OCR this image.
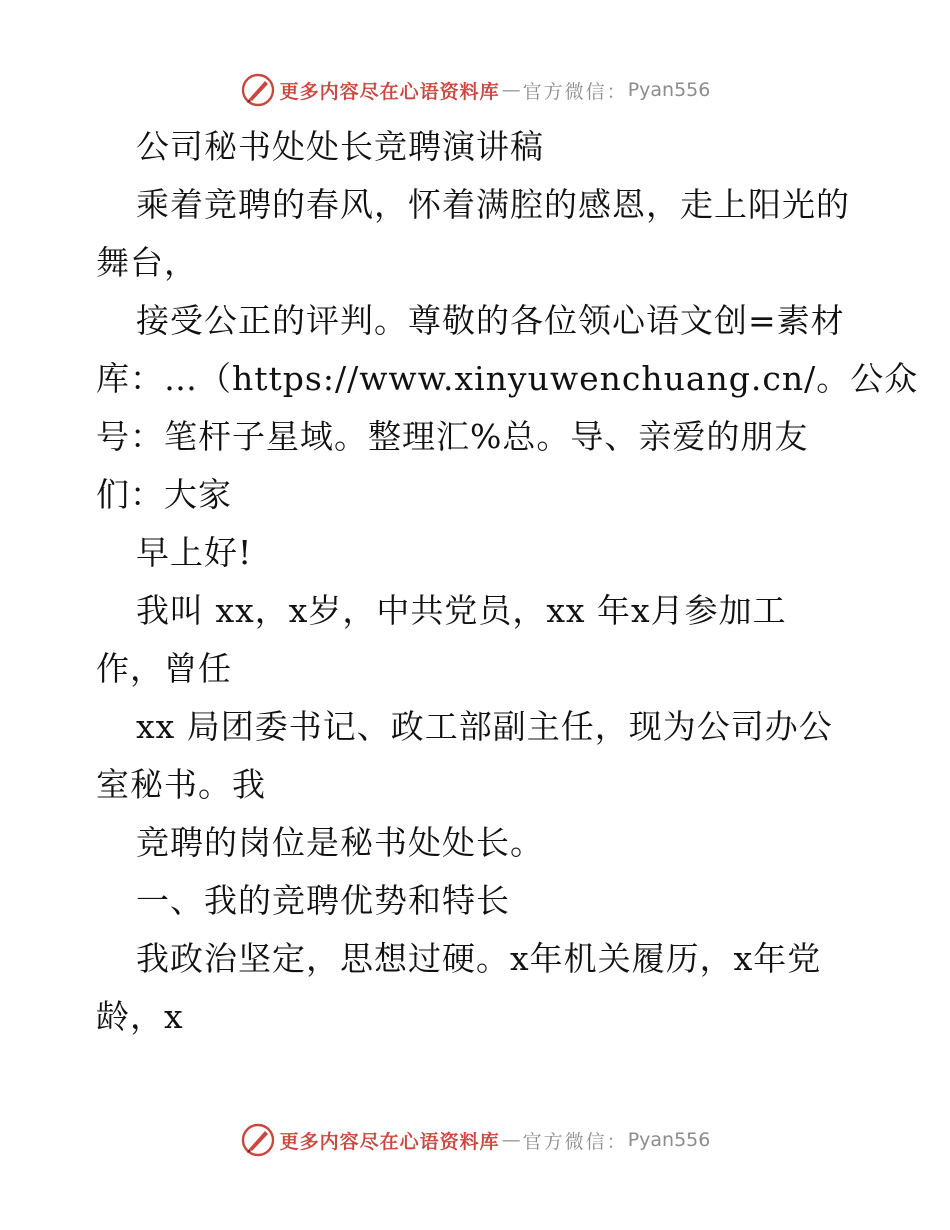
更多内容尽在心语资料库 — 官方微信： Pyan556
公司秘书处处长竞聘演讲稿
乘着竞聘的春风，怀着满腔的感恩，走上阳光的
舞台，
接受公正的评判。尊敬的各位领心语文创=素材
库：…（https://www.xinyuwenchuang.cn/。公众
号：笔杆子星域。整理汇%总。导、亲爱的朋友
们：大家
早上好!
我叫 xx，x岁，中共党员，xx 年x月参加工
作，曾任
xx 局团委书记、政工部副主任，现为公司办公
室秘书。我
竞聘的岗位是秘书处处长。
一、我的竞聘优势和特长
我政治坚定，思想过硬。x年机关履历，x年党
龄，x
更多内容尽在心语资料库 — 官方微信： Pyan556
